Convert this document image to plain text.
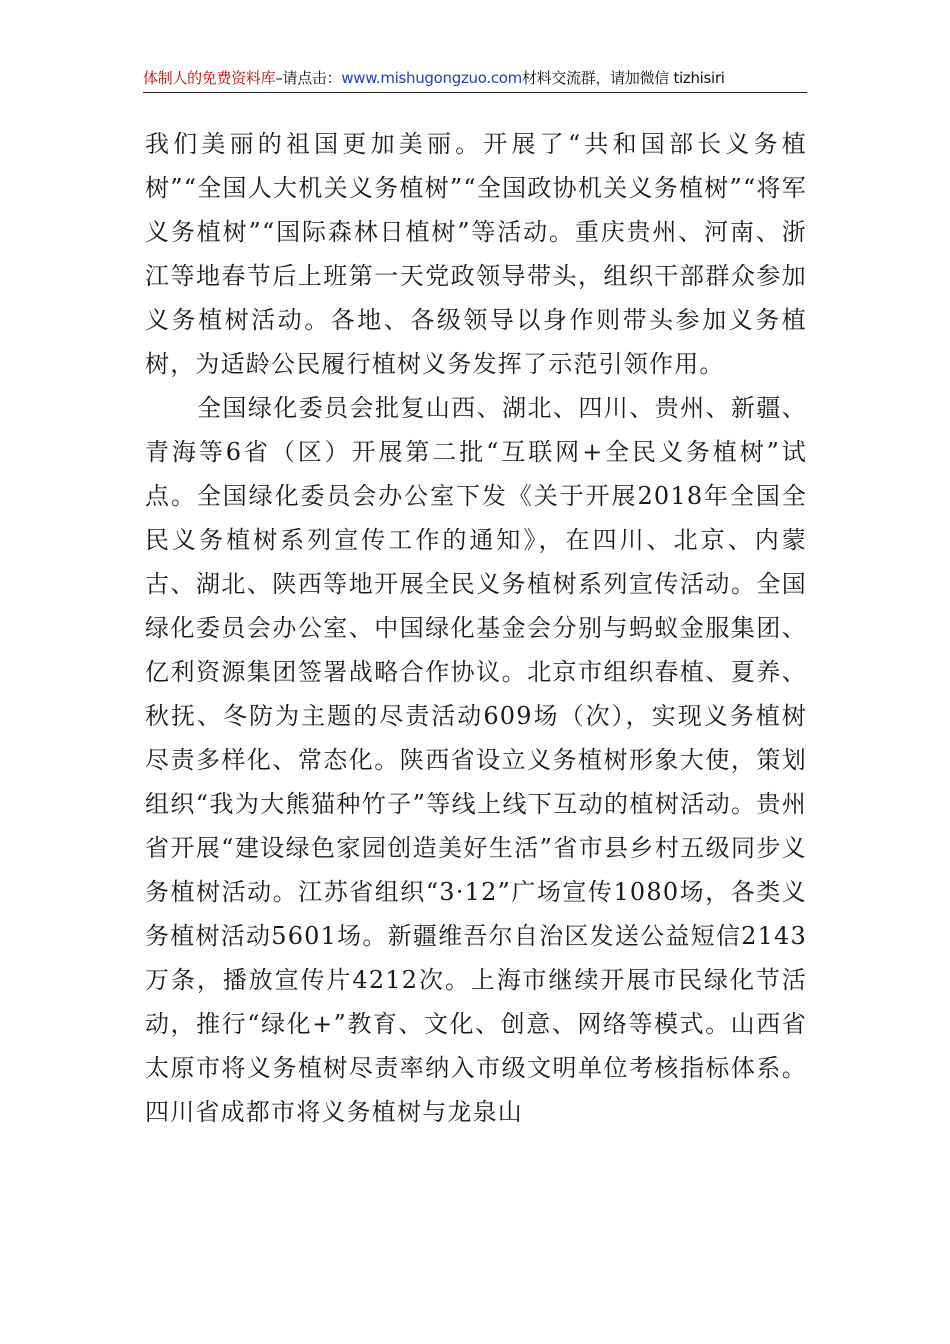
体制人的免费资料库–请点击：www.mishugongzuo.com材料交流群，请加微信 tizhisiri

我们美丽的祖国更加美丽。开展了“共和国部长义务植树”“全国人大机关义务植树”“全国政协机关义务植树”“将军义务植树”“国际森林日植树”等活动。重庆贵州、河南、浙江等地春节后上班第一天党政领导带头，组织干部群众参加义务植树活动。各地、各级领导以身作则带头参加义务植树，为适龄公民履行植树义务发挥了示范引领作用。

全国绿化委员会批复山西、湖北、四川、贵州、新疆、青海等6省（区）开展第二批“互联网+全民义务植树”试点。全国绿化委员会办公室下发《关于开展2018年全国全民义务植树系列宣传工作的通知》，在四川、北京、内蒙古、湖北、陕西等地开展全民义务植树系列宣传活动。全国绿化委员会办公室、中国绿化基金会分别与蚂蚁金服集团、亿利资源集团签署战略合作协议。北京市组织春植、夏养、秋抚、冬防为主题的尽责活动609场（次），实现义务植树尽责多样化、常态化。陕西省设立义务植树形象大使，策划组织“我为大熊猫种竹子”等线上线下互动的植树活动。贵州省开展“建设绿色家园创造美好生活”省市县乡村五级同步义务植树活动。江苏省组织“3·12”广场宣传1080场，各类义务植树活动5601场。新疆维吾尔自治区发送公益短信2143万条，播放宣传片4212次。上海市继续开展市民绿化节活动，推行“绿化+”教育、文化、创意、网络等模式。山西省太原市将义务植树尽责率纳入市级文明单位考核指标体系。四川省成都市将义务植树与龙泉山
